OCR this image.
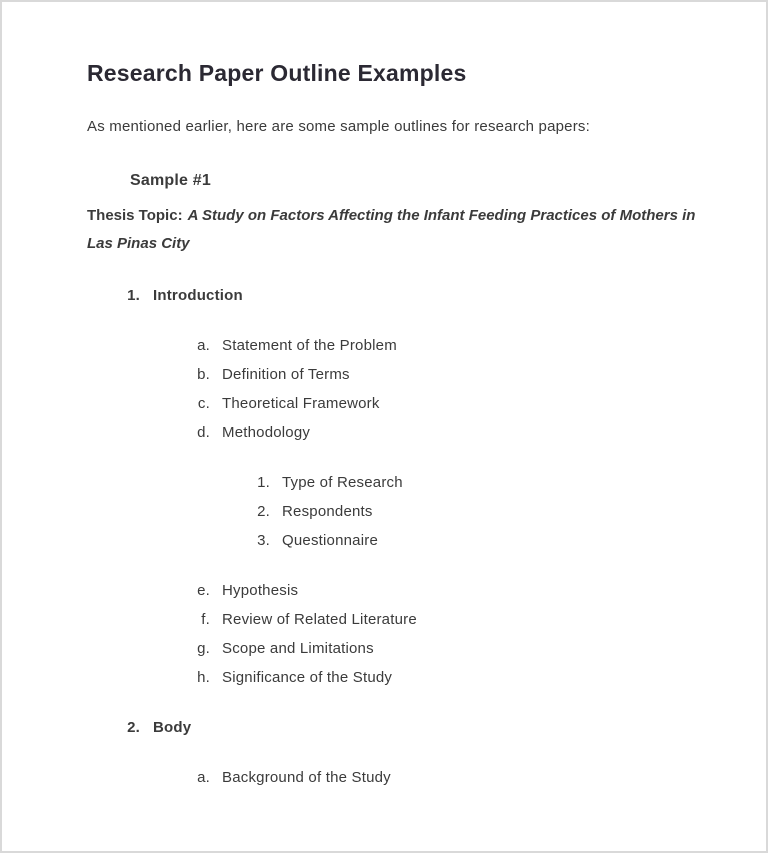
Research Paper Outline Examples

As mentioned earlier, here are some sample outlines for research papers:

Sample #1

Thesis Topic: A Study on Factors Affecting the Infant Feeding Practices of Mothers in Las Pinas City

1. Introduction
a. Statement of the Problem
b. Definition of Terms
c. Theoretical Framework
d. Methodology
1. Type of Research
2. Respondents
3. Questionnaire
e. Hypothesis
f. Review of Related Literature
g. Scope and Limitations
h. Significance of the Study
2. Body
a. Background of the Study
